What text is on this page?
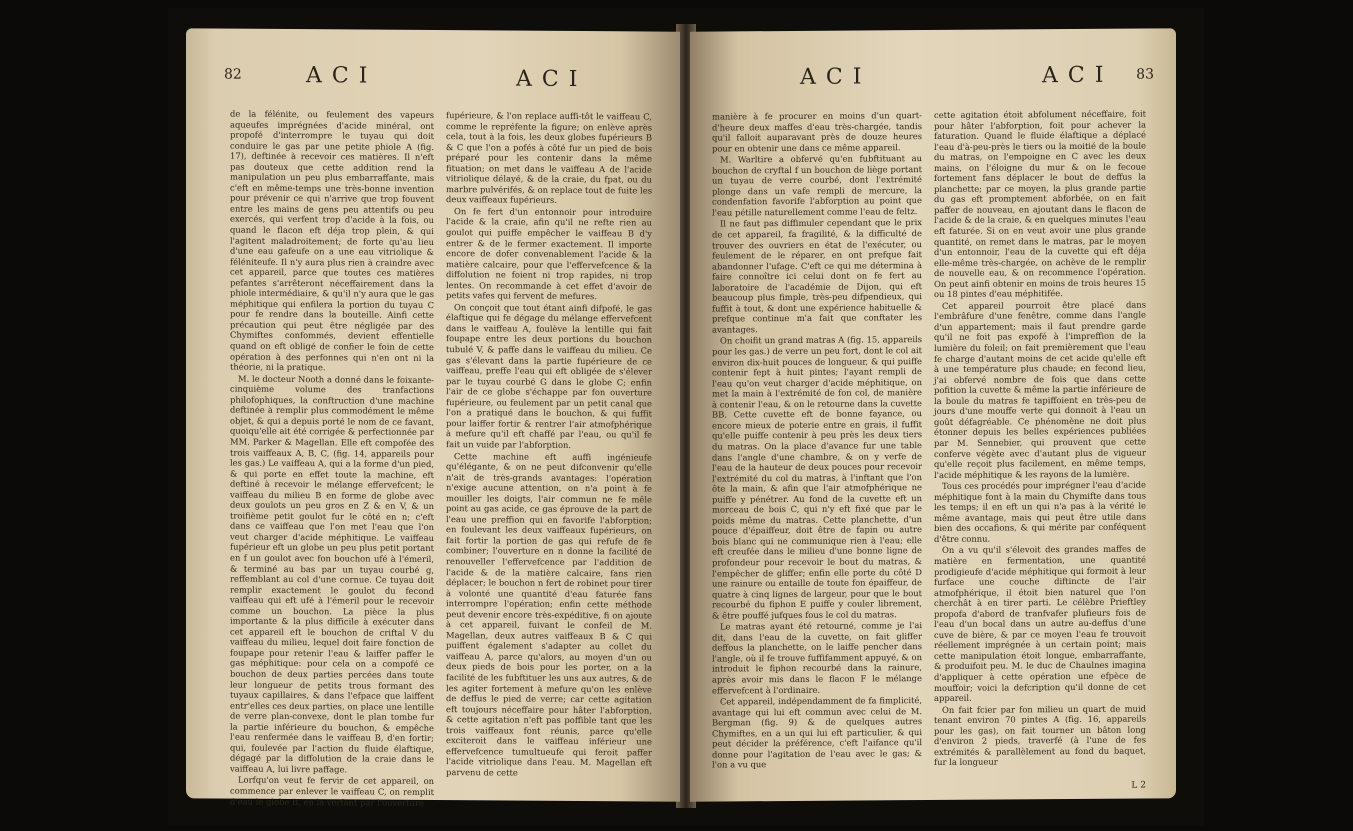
82	ACI	ACI

de la félénite, ou feulement des vapeurs aqueufes imprégnées d'acide minéral, ont propofé d'interrompre le tuyau qui doit conduire le gas par une petite phiole A (fig. 17), deftinée à recevoir ces matières. Il n'eft pas douteux que cette addition rend la manipulation un peu plus embarraffante, mais c'eft en même-temps une très-bonne invention pour prévenir ce qui n'arrive que trop fouvent entre les mains de gens peu attentifs ou peu exercés, qui verfent trop d'acide à la fois, ou quand le flacon eft déja trop plein, & qui l'agitent maladroitement; de forte qu'au lieu d'une eau gafeufe on a une eau vitriolique & féléniteufe. Il n'y aura plus rien à craindre avec cet appareil, parce que toutes ces matières pefantes s'arrêteront néceffairement dans la phiole intermédiaire, & qu'il n'y aura que le gas méphitique qui enfilera la portion du tuyau C pour fe rendre dans la bouteille. Ainfi cette précaution qui peut être négligée par des Chymiftes confommés, devient effentielle quand on eft obligé de confier le foin de cette opération à des perfonnes qui n'en ont ni la théorie, ni la pratique.

M. le docteur Nooth a donné dans le foixante-cinquième volume des tranfactions philofophiques, la conftruction d'une machine deftinée à remplir plus commodément le même objet, & qui a depuis porté le nom de ce favant, quoiqu'elle ait été corrigée & perfectionnée par MM. Parker & Magellan. Elle eft compofée des trois vaiffeaux A, B, C, (fig. 14, appareils pour les gas.) Le vaiffeau A, qui a la forme d'un pied, & qui porte en effet toute la machine, eft deftiné à recevoir le mélange effervefcent; le vaiffeau du milieu B en forme de globe avec deux goulots un peu gros en Z & en V, & un troifième petit goulot fur le côté en n; c'eft dans ce vaiffeau que l'on met l'eau que l'on veut charger d'acide méphitique. Le vaiffeau fupérieur eft un globe un peu plus petit portant en f un goulot avec fon bouchon ufé à l'émeril, & terminé au bas par un tuyau courbé g, reffemblant au col d'une cornue. Ce tuyau doit remplir exactement le goulot du fecond vaiffeau qui eft ufé à l'émeril pour le recevoir comme un bouchon. La pièce la plus importante & la plus difficile à exécuter dans cet appareil eft le bouchon de criftal V du vaiffeau du milieu, lequel doit faire fonction de foupape pour retenir l'eau & laiffer paffer le gas méphitique: pour cela on a compofé ce bouchon de deux parties percées dans toute leur longueur de petits trous formant des tuyaux capillaires, & dans l'efpace que laiffent entr'elles ces deux parties, on place une lentille de verre plan-convexe, dont le plan tombe fur la partie inférieure du bouchon, & empêche l'eau renfermée dans le vaiffeau B, d'en fortir; qui, foulevée par l'action du fluide élaftique, dégagé par la diffolution de la craie dans le vaiffeau A, lui livre paffage.

Lorfqu'on veut fe fervir de cet appareil, on commence par enlever le vaiffeau C, on remplit d'eau le globe B, en la verfant par l'ouverture

fupérieure, & l'on replace auffi-tôt le vaiffeau C, comme le repréfente la figure; on enlève après cela, tout à la fois, les deux globes fupérieurs B & C que l'on a pofés à côté fur un pied de bois préparé pour les contenir dans la même fituation; on met dans le vaiffeau A de l'acide vitriolique délayé, & de la craie, du fpat, ou du marbre pulvérifés, & on replace tout de fuite les deux vaiffeaux fupérieurs.

On fe fert d'un entonnoir pour introduire l'acide & la craie, afin qu'il ne refte rien au goulot qui puiffe empêcher le vaiffeau B d'y entrer & de le fermer exactement. Il importe encore de dofer convenablement l'acide & la matière calcaire, pour que l'effervefcence & la diffolution ne foient ni trop rapides, ni trop lentes. On recommande à cet effet d'avoir de petits vafes qui fervent de mefures.

On conçoit que tout étant ainfi difpofé, le gas élaftique qui fe dégage du mélange effervefcent dans le vaiffeau A, foulève la lentille qui fait foupape entre les deux portions du bouchon tubulé V, & paffe dans le vaiffeau du milieu. Ce gas s'élevant dans la partie fupérieure de ce vaiffeau, preffe l'eau qui eft obligée de s'élever par le tuyau courbé G dans le globe C; enfin l'air de ce globe s'échappe par fon ouverture fupérieure, ou feulement par un petit canal que l'on a pratiqué dans le bouchon, & qui fuffit pour laiffer fortir & rentrer l'air atmofphérique à mefure qu'il eft chaffé par l'eau, ou qu'il fe fait un vuide par l'abforption.

Cette machine eft auffi ingénieufe qu'élégante, & on ne peut difconvenir qu'elle n'ait de très-grands avantages: l'opération n'exige aucune attention, on n'a point à fe mouiller les doigts, l'air commun ne fe mêle point au gas acide, ce gas éprouve de la part de l'eau une preffion qui en favorife l'abforption; en foulevant les deux vaiffeaux fupérieurs, on fait fortir la portion de gas qui refufe de fe combiner; l'ouverture en n donne la facilité de renouveller l'effervefcence par l'addition de l'acide & de la matière calcaire, fans rien déplacer; le bouchon n fert de robinet pour tirer à volonté une quantité d'eau faturée fans interrompre l'opération; enfin cette méthode peut devenir encore très-expéditive, fi on ajoute à cet appareil, fuivant le confeil de M. Magellan, deux autres vaiffeaux B & C qui puiffent également s'adapter au collet du vaiffeau A, parce qu'alors, au moyen d'un ou deux pieds de bois pour les porter, on a la facilité de les fubftituer les uns aux autres, & de les agiter fortement à mefure qu'on les enlève de deffus le pied de verre; car cette agitation eft toujours néceffaire pour hâter l'abforption, & cette agitation n'eft pas poffible tant que les trois vaiffeaux font réunis, parce qu'elle exciteroit dans le vaiffeau inférieur une effervefcence tumultueufe qui feroit paffer l'acide vitriolique dans l'eau. M. Magellan eft parvenu de cette

ACI	ACI 83

manière à fe procurer en moins d'un quart-d'heure deux maffes d'eau très-chargée, tandis qu'il falloit auparavant près de douze heures pour en obtenir une dans ce même appareil.

M. Warltire a obfervé qu'en fubftituant au bouchon de cryftal f un bouchon de liège portant un tuyau de verre courbé, dont l'extrémité plonge dans un vafe rempli de mercure, la condenfation favorife l'abforption au point que l'eau pétille naturellement comme l'eau de feltz.

Il ne faut pas diffimuler cependant que le prix de cet appareil, fa fragilité, & la difficulté de trouver des ouvriers en état de l'exécuter, ou feulement de le réparer, en ont prefque fait abandonner l'ufage. C'eft ce qui me détermina à faire connoître ici celui dont on fe fert au laboratoire de l'académie de Dijon, qui eft beaucoup plus fimple, très-peu difpendieux, qui fuffit à tout, & dont une expérience habituelle & prefque continue m'a fait que conftater les avantages.

On choifit un grand matras A (fig. 15, appareils pour les gas.) de verre un peu fort, dont le col ait environ dix-huit pouces de longueur, & qui puiffe contenir fept à huit pintes; l'ayant rempli de l'eau qu'on veut charger d'acide méphitique, on met la main à l'extrémité de fon col, de manière à contenir l'eau, & on le retourne dans la cuvette BB. Cette cuvette eft de bonne fayance, ou encore mieux de poterie entre en grais, il fuffit qu'elle puiffe contenir à peu près les deux tiers du matras. On la place d'avance fur une table dans l'angle d'une chambre, & on y verfe de l'eau de la hauteur de deux pouces pour recevoir l'extrémité du col du matras, à l'inftant que l'on ôte la main, & afin que l'air atmofphérique ne puiffe y pénétrer. Au fond de la cuvette eft un morceau de bois C, qui n'y eft fixé que par le poids même du matras. Cette planchette, d'un pouce d'épaiffeur, doit être de fapin ou autre bois blanc qui ne communique rien à l'eau; elle eft creufée dans le milieu d'une bonne ligne de profondeur pour recevoir le bout du matras, & l'empêcher de gliffer; enfin elle porte du côté D une rainure ou entaille de toute fon épaiffeur, de quatre à cinq lignes de largeur, pour que le bout recourbé du fiphon E puiffe y couler librement, & être pouffé jufques fous le col du matras.

Le matras ayant été retourné, comme je l'ai dit, dans l'eau de la cuvette, on fait gliffer deffous la planchette, on le laiffe pencher dans l'angle, où il fe trouve fuffifamment appuyé, & on introduit le fiphon recourbé dans la rainure, après avoir mis dans le flacon F le mélange effervefcent à l'ordinaire.

Cet appareil, indépendamment de fa fimplicité, avantage qui lui eft commun avec celui de M. Bergman (fig. 9) & de quelques autres Chymiftes, en a un qui lui eft particulier, & qui peut décider la préférence, c'eft l'aifance qu'il donne pour l'agitation de l'eau avec le gas; & l'on a vu que

cette agitation étoit abfolument néceffaire, foit pour hâter l'abforption, foit pour achever la faturation. Quand le fluide élaftique a déplacé l'eau d'à-peu-près le tiers ou la moitié de la boule du matras, on l'empoigne en C avec les deux mains, on l'éloigne du mur & on le fecoue fortement fans déplacer le bout de deffus la planchette; par ce moyen, la plus grande partie du gas eft promptement abforbée, on en fait paffer de nouveau, en ajoutant dans le flacon de l'acide & de la craie, & en quelques minutes l'eau eft faturée. Si on en veut avoir une plus grande quantité, on remet dans le matras, par le moyen d'un entonnoir, l'eau de la cuvette qui eft déja elle-même très-chargée, on achève de le remplir de nouvelle eau, & on recommence l'opération. On peut ainfi obtenir en moins de trois heures 15 ou 18 pintes d'eau méphitifée.

Cet appareil pourroit être placé dans l'embrâfure d'une fenêtre, comme dans l'angle d'un appartement; mais il faut prendre garde qu'il ne foit pas expofé à l'impreffion de la lumière du foleil; on fait premièrement que l'eau fe charge d'autant moins de cet acide qu'elle eft à une température plus chaude; en fecond lieu, j'ai obfervé nombre de fois que dans cette pofition la cuvette & même la partie inférieure de la boule du matras fe tapiffoient en très-peu de jours d'une mouffe verte qui donnoit à l'eau un goût défagréable. Ce phénomène ne doit plus étonner depuis les belles expériences publiées par M. Sennebier, qui prouvent que cette conferve végète avec d'autant plus de vigueur qu'elle reçoit plus facilement, en même temps, l'acide méphitique & les rayons de la lumière.

Tous ces procédés pour imprégner l'eau d'acide méphitique font à la main du Chymifte dans tous les temps; il en eft un qui n'a pas à la vérité le même avantage, mais qui peut être utile dans bien des occafions, & qui mérite par conféquent d'être connu.

On a vu qu'il s'élevoit des grandes maffes de matière en fermentation, une quantité prodigieufe d'acide méphitique qui formoit à leur furface une couche diftincte de l'air atmofphérique, il étoit bien naturel que l'on cherchât à en tirer parti. Le célèbre Prieftley propofa d'abord de tranfvafer plufieurs fois de l'eau d'un bocal dans un autre au-deffus d'une cuve de bière, & par ce moyen l'eau fe trouvoit réellement imprégnée à un certain point; mais cette manipulation étoit longue, embarraffante, & produifoit peu. M. le duc de Chaulnes imagina d'appliquer à cette opération une efpèce de mouffoir; voici la defcription qu'il donne de cet appareil.

On fait fcier par fon milieu un quart de muid tenant environ 70 pintes A (fig. 16, appareils pour les gas), on fait tourner un bâton long d'environ 2 pieds, traverfé (à l'une de fes extrémités & parallèlement au fond du baquet, fur la longueur

L 2
